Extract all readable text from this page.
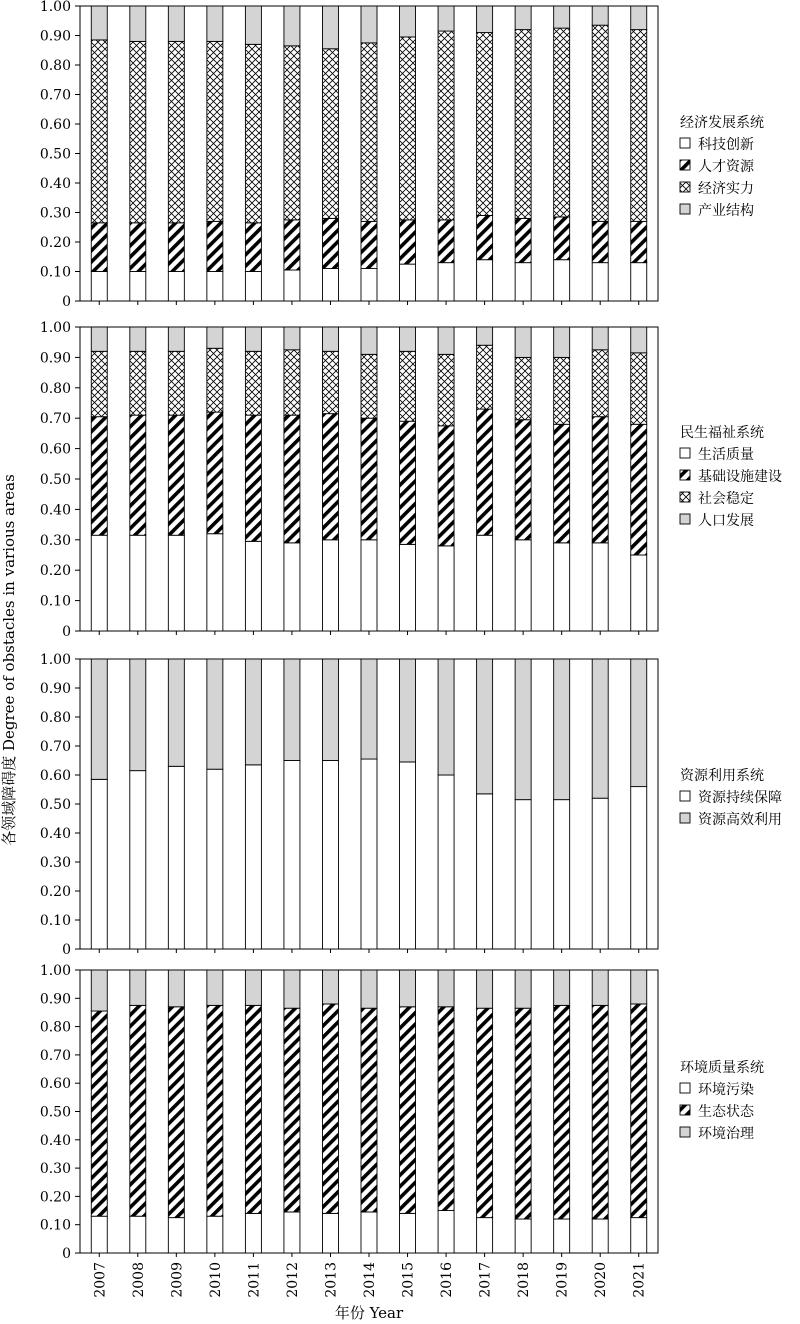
0
0.10
0.20
0.30
0.40
0.50
0.60
0.70
0.80
0.90
1.00
经济发展系统
科技创新
人才资源
经济实力
产业结构
0
0.10
0.20
0.30
0.40
0.50
0.60
0.70
0.80
0.90
1.00
民生福祉系统
生活质量
基础设施建设
社会稳定
人口发展
0
0.10
0.20
0.30
0.40
0.50
0.60
0.70
0.80
0.90
1.00
资源利用系统
资源持续保障
资源高效利用
0
0.10
0.20
0.30
0.40
0.50
0.60
0.70
0.80
0.90
1.00
环境质量系统
环境污染
生态状态
环境治理
2007 2008 2009 2010 2011 2012 2013 2014 2015 2016 2017 2018 2019 2020 2021
各领域障碍度 Degree of obstacles in various areas
年份 Year
